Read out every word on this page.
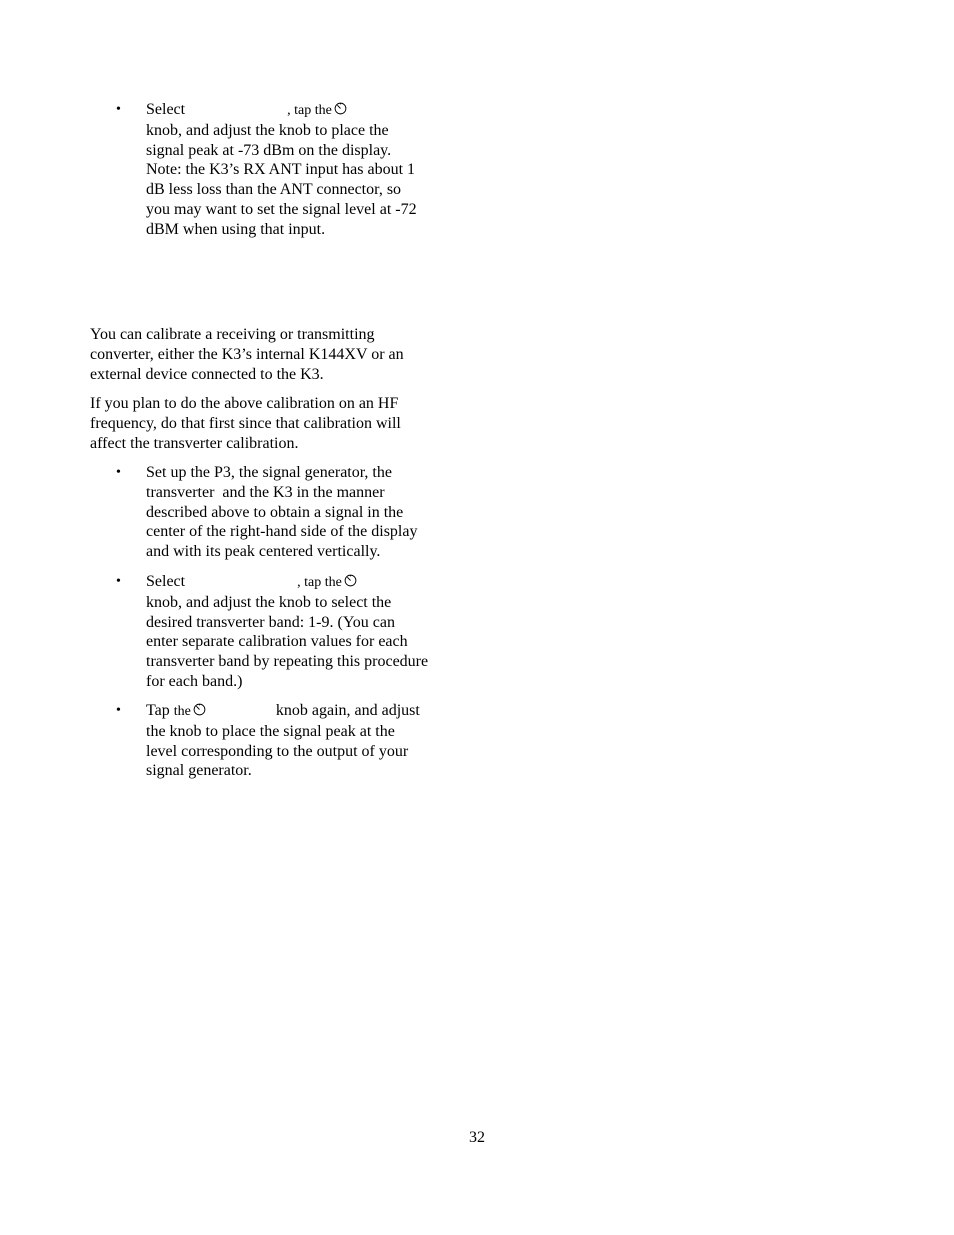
• Select	, tap the
knob, and adjust the knob to place the
signal peak at -73 dBm on the display.
Note: the K3’s RX ANT input has about 1
dB less loss than the ANT connector, so
you may want to set the signal level at -72
dBM when using that input.
You can calibrate a receiving or transmitting
converter, either the K3’s internal K144XV or an
external device connected to the K3.
If you plan to do the above calibration on an HF
frequency, do that first since that calibration will
affect the transverter calibration.
• Set up the P3, the signal generator, the
transverter  and the K3 in the manner
described above to obtain a signal in the
center of the right-hand side of the display
and with its peak centered vertically.
• Select	, tap the
knob, and adjust the knob to select the
desired transverter band: 1-9. (You can
enter separate calibration values for each
transverter band by repeating this procedure
for each band.)
• Tap the	knob again, and adjust
the knob to place the signal peak at the
level corresponding to the output of your
signal generator.
32
